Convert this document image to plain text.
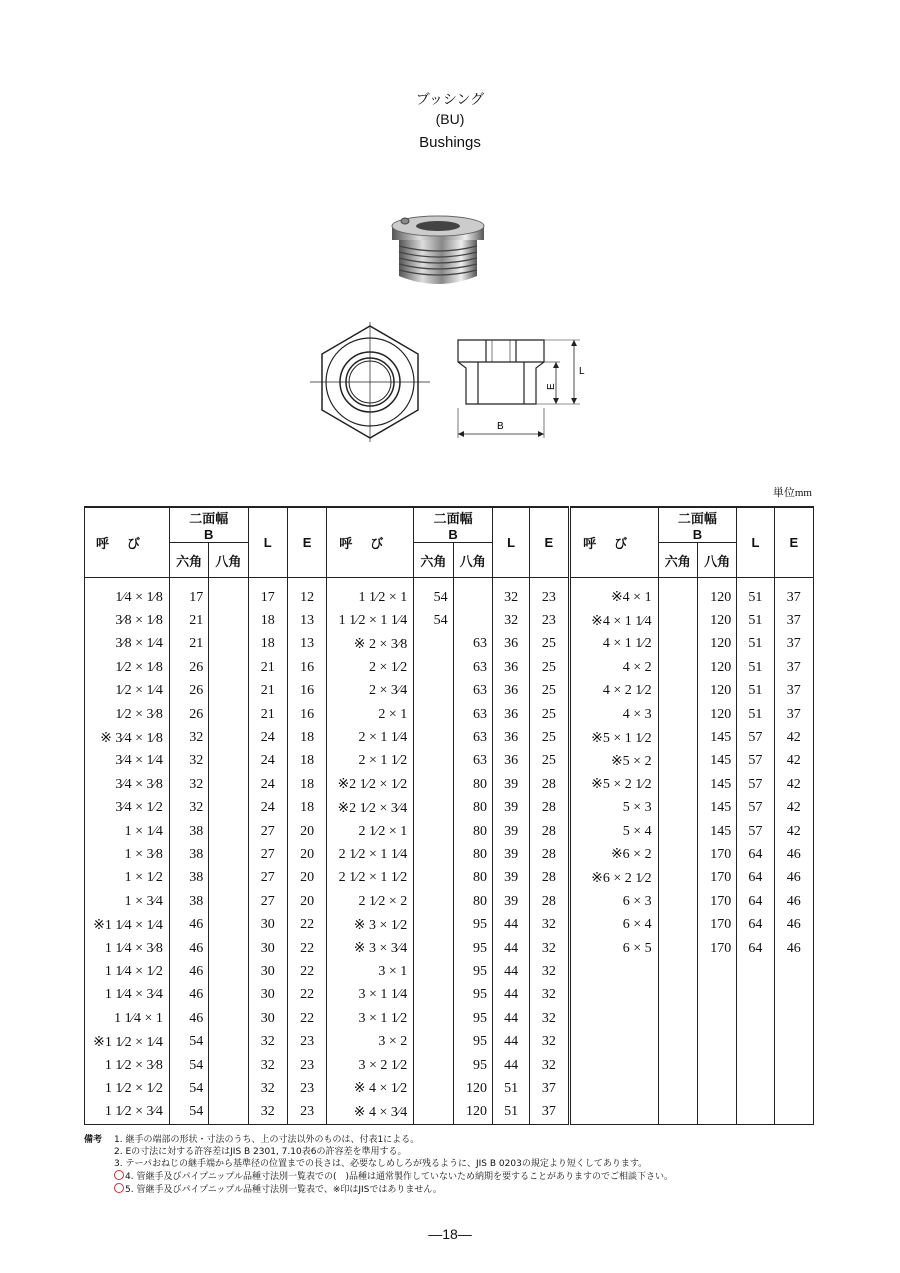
ブッシング
(BU)
Bushings
L
E
B
単位mm
呼び	二面幅
B		L	E	呼び	二面幅
B		L	E	呼び	二面幅
B		L	E
	六角	八角				六角	八角				六角	八角		
1⁄4 × 1⁄8	17		17	12	1 1⁄2 × 1	54		32	23	※4 × 1		120	51	37
3⁄8 × 1⁄8	21		18	13	1 1⁄2 × 1 1⁄4	54		32	23	※4 × 1 1⁄4		120	51	37
3⁄8 × 1⁄4	21		18	13	※ 2 × 3⁄8		63	36	25	4 × 1 1⁄2		120	51	37
1⁄2 × 1⁄8	26		21	16	2 × 1⁄2		63	36	25	4 × 2		120	51	37
1⁄2 × 1⁄4	26		21	16	2 × 3⁄4		63	36	25	4 × 2 1⁄2		120	51	37
1⁄2 × 3⁄8	26		21	16	2 × 1		63	36	25	4 × 3		120	51	37
※ 3⁄4 × 1⁄8	32		24	18	2 × 1 1⁄4		63	36	25	※5 × 1 1⁄2		145	57	42
3⁄4 × 1⁄4	32		24	18	2 × 1 1⁄2		63	36	25	※5 × 2		145	57	42
3⁄4 × 3⁄8	32		24	18	※2 1⁄2 × 1⁄2		80	39	28	※5 × 2 1⁄2		145	57	42
3⁄4 × 1⁄2	32		24	18	※2 1⁄2 × 3⁄4		80	39	28	5 × 3		145	57	42
1 × 1⁄4	38		27	20	2 1⁄2 × 1		80	39	28	5 × 4		145	57	42
1 × 3⁄8	38		27	20	2 1⁄2 × 1 1⁄4		80	39	28	※6 × 2		170	64	46
1 × 1⁄2	38		27	20	2 1⁄2 × 1 1⁄2		80	39	28	※6 × 2 1⁄2		170	64	46
1 × 3⁄4	38		27	20	2 1⁄2 × 2		80	39	28	6 × 3		170	64	46
※1 1⁄4 × 1⁄4	46		30	22	※ 3 × 1⁄2		95	44	32	6 × 4		170	64	46
1 1⁄4 × 3⁄8	46		30	22	※ 3 × 3⁄4		95	44	32	6 × 5		170	64	46
1 1⁄4 × 1⁄2	46		30	22	3 × 1		95	44	32					
1 1⁄4 × 3⁄4	46		30	22	3 × 1 1⁄4		95	44	32					
1 1⁄4 × 1	46		30	22	3 × 1 1⁄2		95	44	32					
※1 1⁄2 × 1⁄4	54		32	23	3 × 2		95	44	32					
1 1⁄2 × 3⁄8	54		32	23	3 × 2 1⁄2		95	44	32					
1 1⁄2 × 1⁄2	54		32	23	※ 4 × 1⁄2		120	51	37					
1 1⁄2 × 3⁄4	54		32	23	※ 4 × 3⁄4		120	51	37					
備考 1. 継手の端部の形状・寸法のうち、上の寸法以外のものは、付表1による。
2. Eの寸法に対する許容差はJIS B 2301, 7.10表6の許容差を準用する。
3. テーパおねじの継手端から基準径の位置までの長さは、必要なしめしろが残るように、JIS B 0203の規定より短くしてあります。
4. 管継手及びパイプニップル品種寸法別一覧表での(　)品種は通常製作していないため納期を要することがありますのでご相談下さい。
5. 管継手及びパイプニップル品種寸法別一覧表で、※印はJISではありません。
—18—
